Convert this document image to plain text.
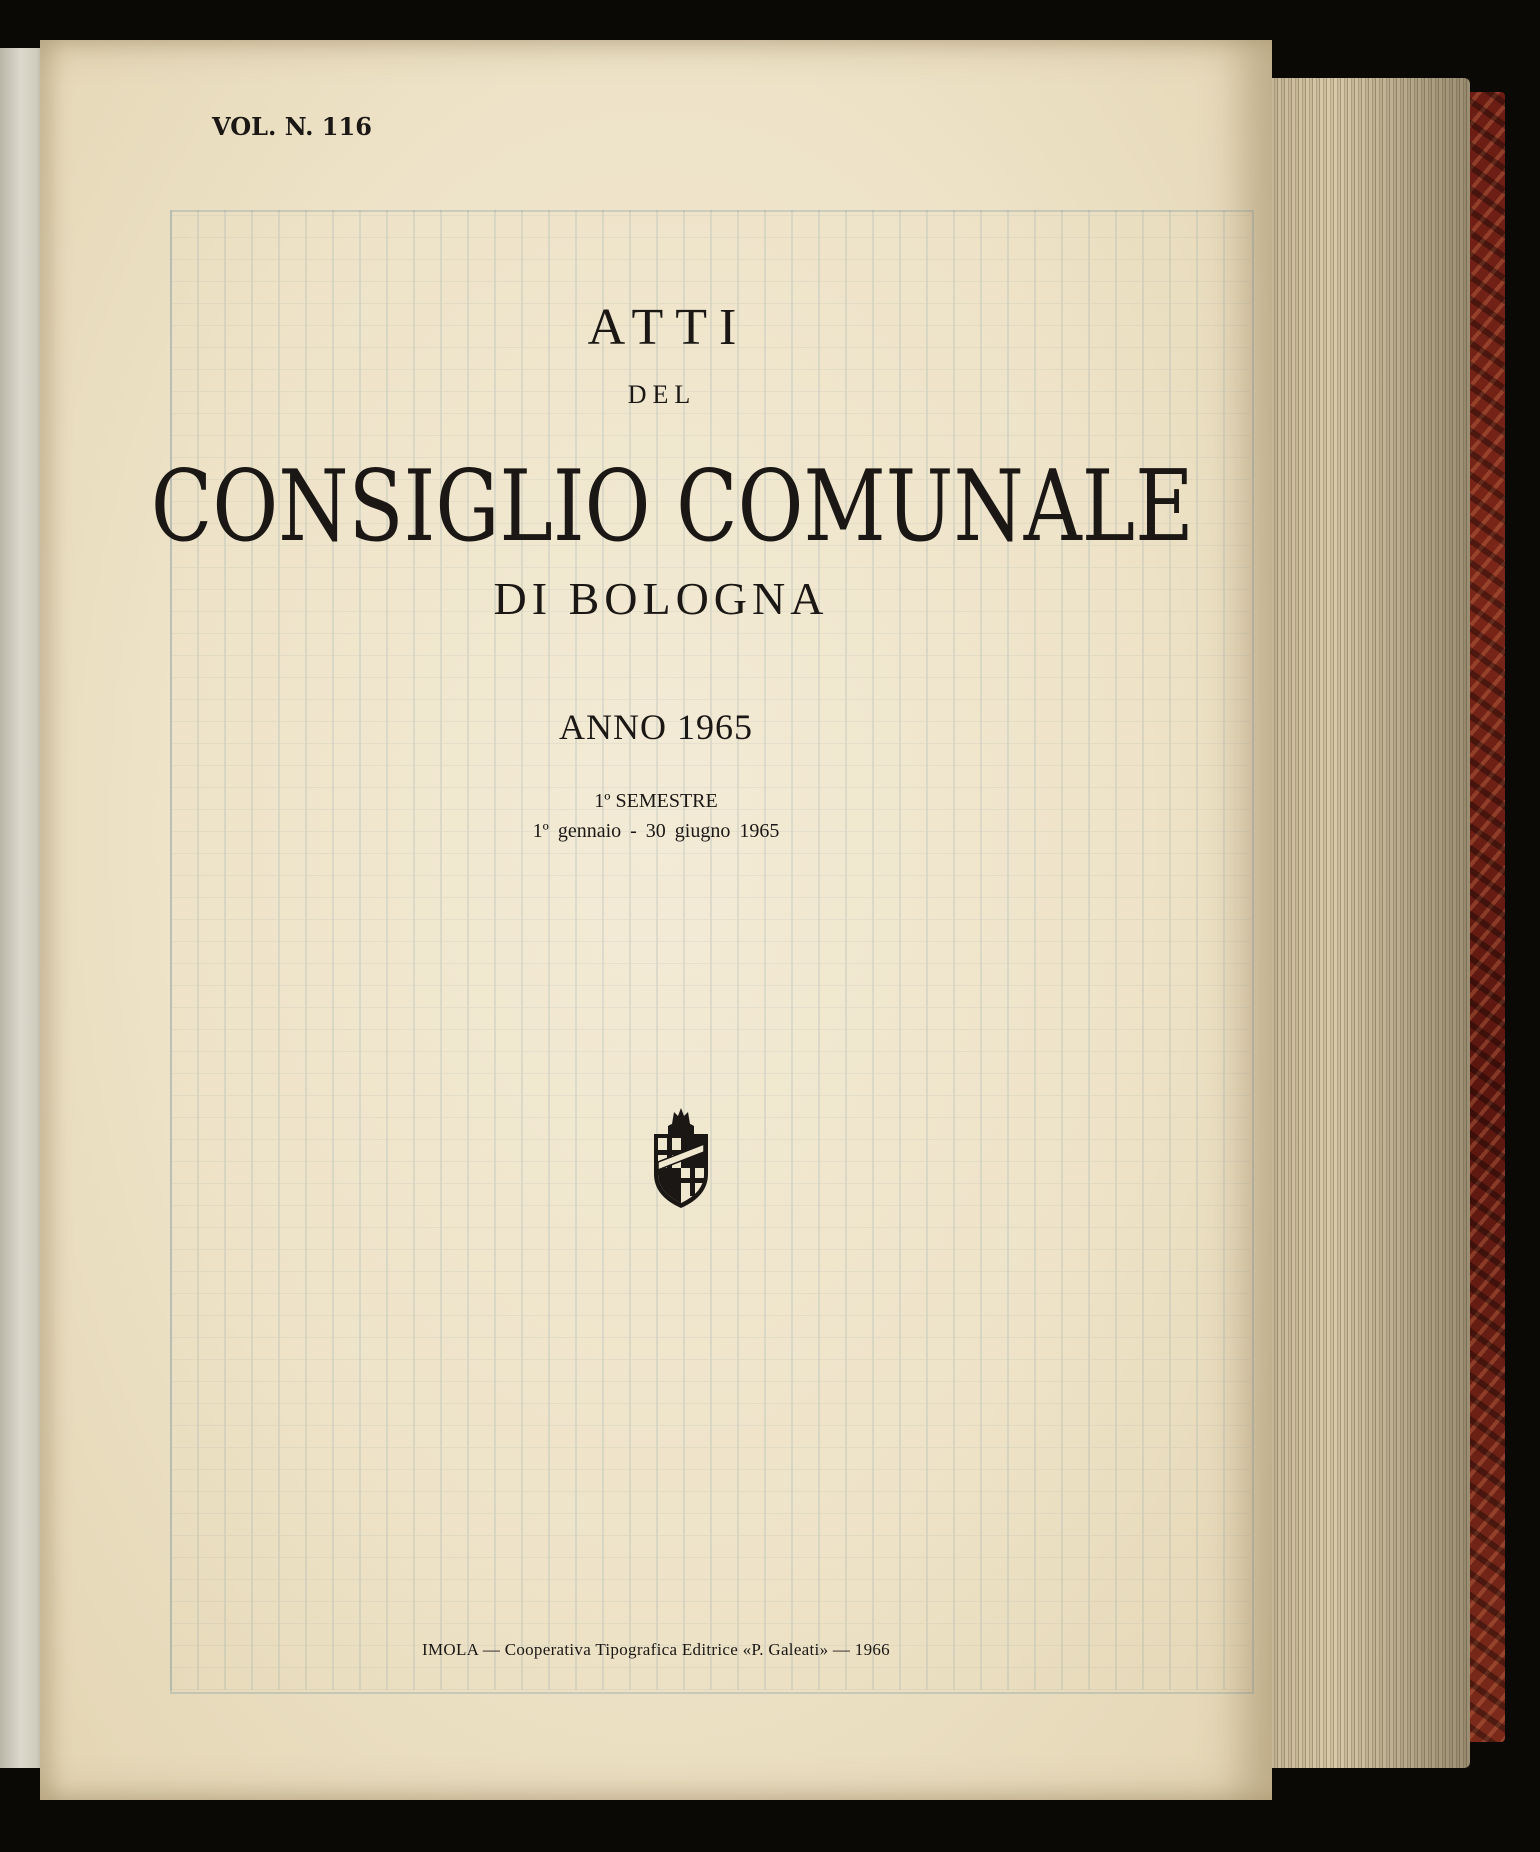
VOL. N. 116
ATTI
DEL
CONSIGLIO COMUNALE
DI BOLOGNA
ANNO 1965
1º SEMESTRE
1º gennaio - 30 giugno 1965
IMOLA — Cooperativa Tipografica Editrice «P. Galeati» — 1966
